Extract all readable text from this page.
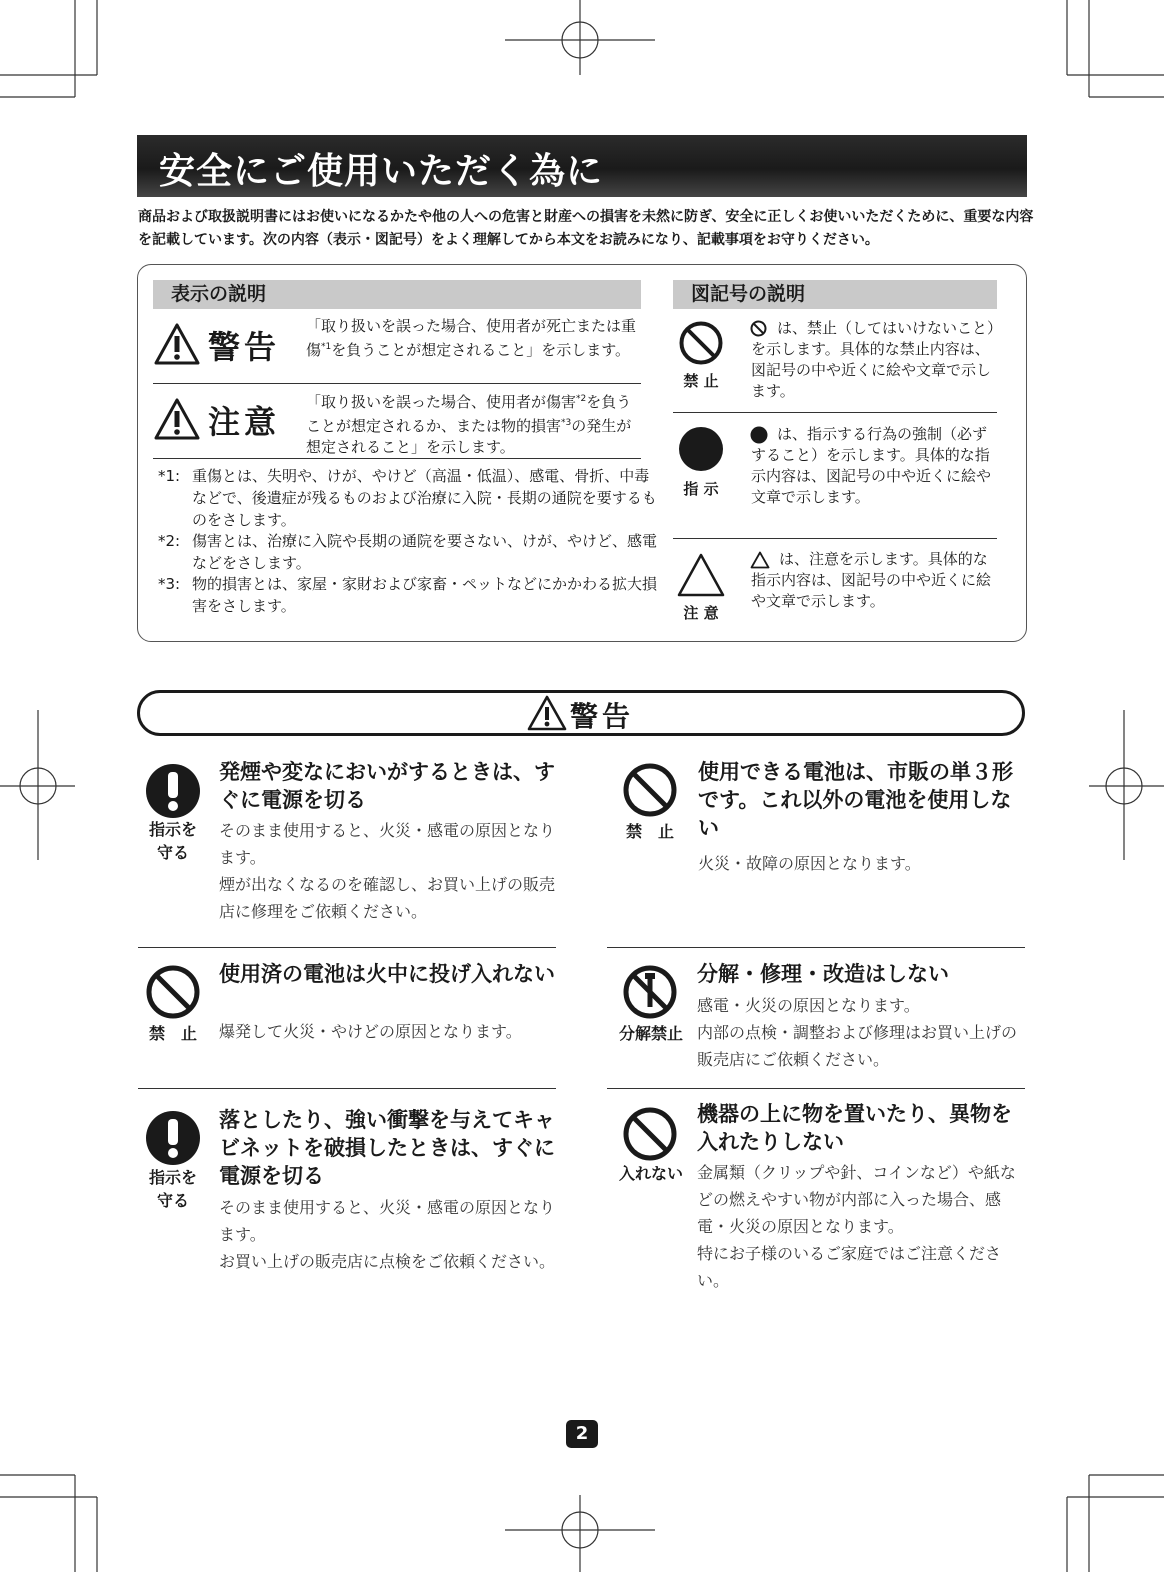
安全にご使用いただく為に
商品および取扱説明書にはお使いになるかたや他の人への危害と財産への損害を未然に防ぎ、安全に正しくお使いいただくために、重要な内容を記載しています。次の内容（表示・図記号）をよく理解してから本文をお読みになり、記載事項をお守りください。
表示の説明
警告
「取り扱いを誤った場合、使用者が死亡または重傷$^{*1}$を負うことが想定されること」を示します。
注意
「取り扱いを誤った場合、使用者が傷害$^{*2}$を負うことが想定されるか、または物的損害$^{*3}$の発生が想定されること」を示します。
*1: 重傷とは、失明や、けが、やけど（高温・低温）、感電、骨折、中毒などで、後遺症が残るものおよび治療に入院・長期の通院を要するものをさします。
*2: 傷害とは、治療に入院や長期の通院を要さない、けが、やけど、感電などをさします。
*3: 物的損害とは、家屋・家財および家畜・ペットなどにかかわる拡大損害をさします。
図記号の説明
禁 止
は、禁止（してはいけないこと）を示します。具体的な禁止内容は、図記号の中や近くに絵や文章で示します。
指 示
は、指示する行為の強制（必ずすること）を示します。具体的な指示内容は、図記号の中や近くに絵や文章で示します。
注 意
は、注意を示します。具体的な指示内容は、図記号の中や近くに絵や文章で示します。
警告
指示を
守る
発煙や変なにおいがするときは、すぐに電源を切る
そのまま使用すると、火災・感電の原因となります。
煙が出なくなるのを確認し、お買い上げの販売店に修理をご依頼ください。
禁　止
使用できる電池は、市販の単３形です。これ以外の電池を使用しない
火災・故障の原因となります。
禁　止
使用済の電池は火中に投げ入れない
爆発して火災・やけどの原因となります。	分解禁止
分解・修理・改造はしない
感電・火災の原因となります。
内部の点検・調整および修理はお買い上げの販売店にご依頼ください。
指示を
守る
落としたり、強い衝撃を与えてキャビネットを破損したときは、すぐに電源を切る
そのまま使用すると、火災・感電の原因となります。
お買い上げの販売店に点検をご依頼ください。
入れない
機器の上に物を置いたり、異物を入れたりしない
金属類（クリップや針、コインなど）や紙などの燃えやすい物が内部に入った場合、感電・火災の原因となります。
特にお子様のいるご家庭ではご注意ください。
2
